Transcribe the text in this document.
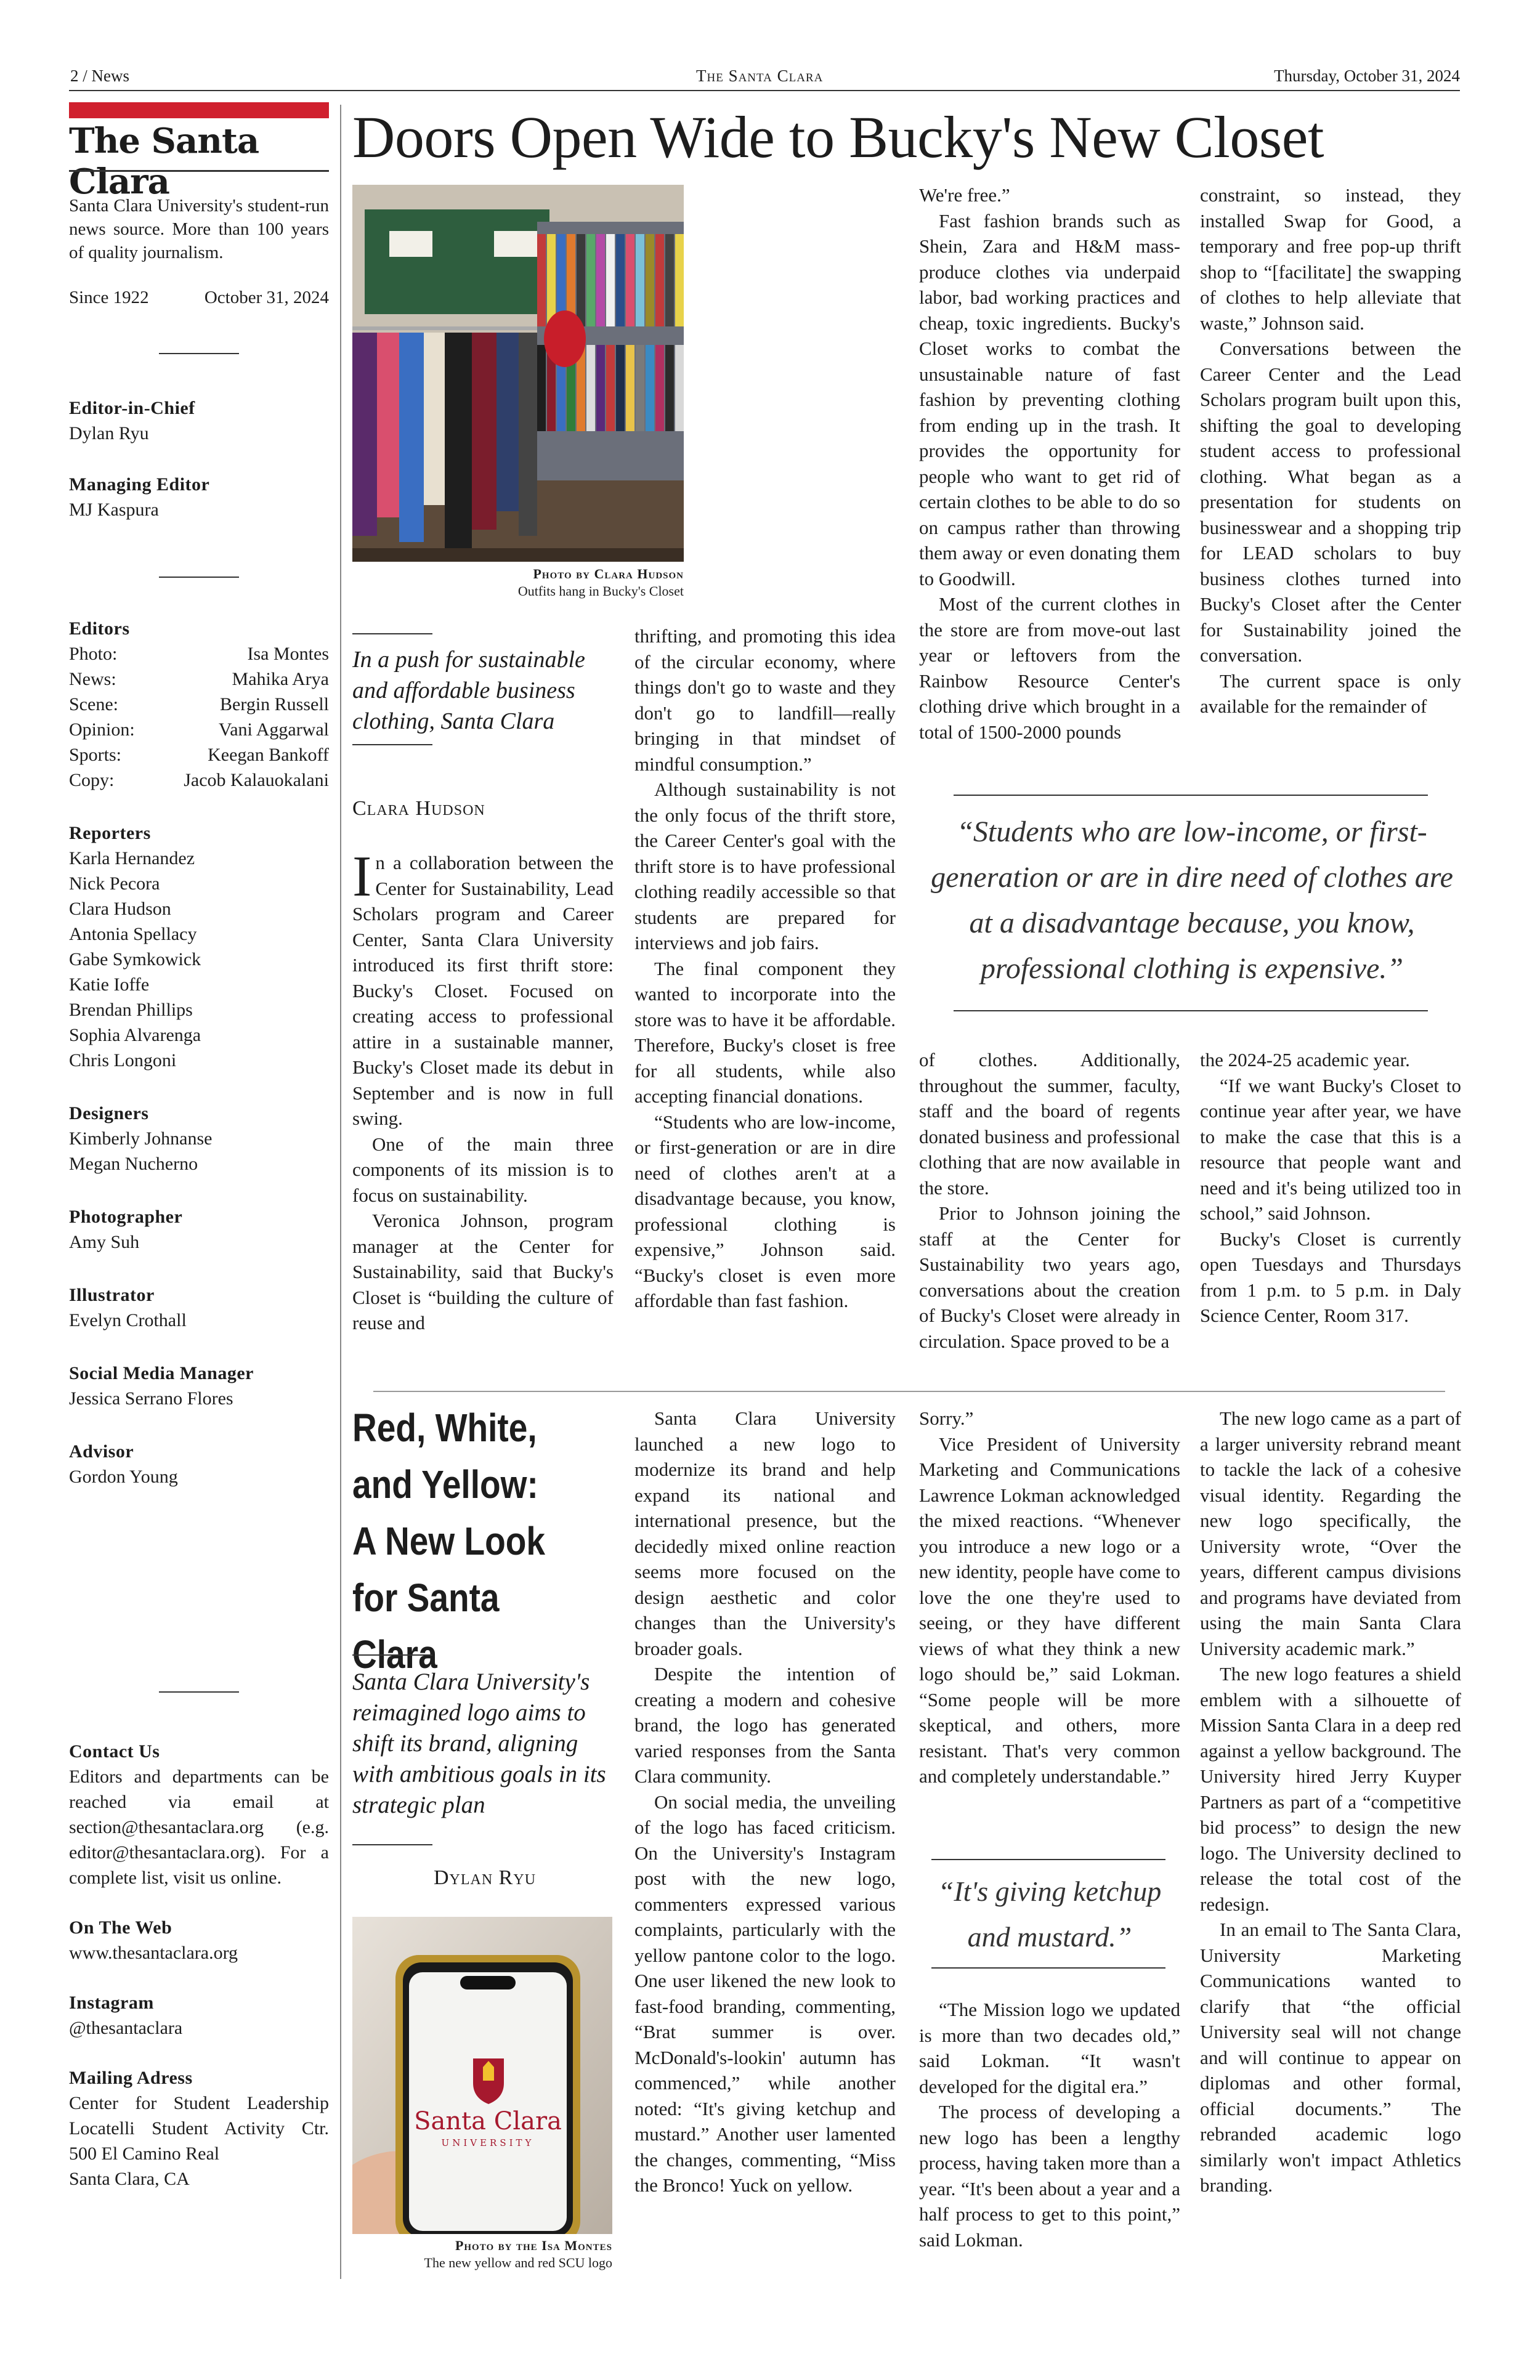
2 / News	The Santa Clara	Thursday, October 31, 2024
The Santa Clara
Santa Clara University's student-run news source. More than 100 years of quality journalism.
Since 1922	October 31, 2024
Editor-in-Chief
Dylan Ryu
Managing Editor
MJ Kaspura
Editors
Photo:	Isa Montes
News:	Mahika Arya
Scene:	Bergin Russell
Opinion:	Vani Aggarwal
Sports:	Keegan Bankoff
Copy:	Jacob Kalauokalani
Reporters
Karla Hernandez
Nick Pecora
Clara Hudson
Antonia Spellacy
Gabe Symkowick
Katie Ioffe
Brendan Phillips
Sophia Alvarenga
Chris Longoni
Designers
Kimberly Johnanse
Megan Nucherno
Photographer
Amy Suh
Illustrator
Evelyn Crothall
Social Media Manager
Jessica Serrano Flores
Advisor
Gordon Young
Contact Us
Editors and departments can be reached via email at section@thesantaclara.org (e.g. editor@thesantaclara.org). For a complete list, visit us online.
On The Web
www.thesantaclara.org
Instagram
@thesantaclara
Mailing Adress
Center for Student Leadership
Locatelli Student Activity Ctr.
500 El Camino Real
Santa Clara, CA
Doors Open Wide to Bucky's New Closet
Photo by Clara Hudson
Outfits hang in Bucky's Closet
In a push for sustainable and affordable business clothing, Santa Clara
Clara Hudson

In a collaboration between the Center for Sustainability, Lead Scholars program and Career Center, Santa Clara University introduced its first thrift store: Bucky's Closet. Focused on creating access to professional attire in a sustainable manner, Bucky's Closet made its debut in September and is now in full swing.

One of the main three components of its mission is to focus on sustainability.

Veronica Johnson, program manager at the Center for Sustainability, said that Bucky's Closet is “building the culture of reuse and

thrifting, and promoting this idea of the circular economy, where things don't go to waste and they don't go to landfill—really bringing in that mindset of mindful consumption.”

Although sustainability is not the only focus of the thrift store, the Career Center's goal with the thrift store is to have professional clothing readily accessible so that students are prepared for interviews and job fairs.

The final component they wanted to incorporate into the store was to have it be affordable. Therefore, Bucky's closet is free for all students, while also accepting financial donations.

“Students who are low-income, or first-generation or are in dire need of clothes aren't at a disadvantage because, you know, professional clothing is expensive,” Johnson said. “Bucky's closet is even more affordable than fast fashion.

We're free.”

Fast fashion brands such as Shein, Zara and H&M mass-produce clothes via underpaid labor, bad working practices and cheap, toxic ingredients. Bucky's Closet works to combat the unsustainable nature of fast fashion by preventing clothing from ending up in the trash. It provides the opportunity for people who want to get rid of certain clothes to be able to do so on campus rather than throwing them away or even donating them to Goodwill.

Most of the current clothes in the store are from move-out last year or leftovers from the Rainbow Resource Center's clothing drive which brought in a total of 1500-2000 pounds

constraint, so instead, they installed Swap for Good, a temporary and free pop-up thrift shop to “[facilitate] the swapping of clothes to help alleviate that waste,” Johnson said.

Conversations between the Career Center and the Lead Scholars program built upon this, shifting the goal to developing student access to professional clothing. What began as a presentation for students on businesswear and a shopping trip for LEAD scholars to buy business clothes turned into Bucky's Closet after the Center for Sustainability joined the conversation.

The current space is only available for the remainder of

“Students who are low-income, or first-generation or are in dire need of clothes are at a disadvantage because, you know, professional clothing is expensive.”

of clothes. Additionally, throughout the summer, faculty, staff and the board of regents donated business and professional clothing that are now available in the store.

Prior to Johnson joining the staff at the Center for Sustainability two years ago, conversations about the creation of Bucky's Closet were already in circulation. Space proved to be a

the 2024-25 academic year.

“If we want Bucky's Closet to continue year after year, we have to make the case that this is a resource that people want and need and it's being utilized too in school,” said Johnson.

Bucky's Closet is currently open Tuesdays and Thursdays from 1 p.m. to 5 p.m. in Daly Science Center, Room 317.

Red, White, and Yellow: A New Look for Santa Clara
Santa Clara University's reimagined logo aims to shift its brand, aligning with ambitious goals in its strategic plan
Dylan Ryu
Santa Clara
UNIVERSITY
Photo by the Isa Montes
The new yellow and red SCU logo

Santa Clara University launched a new logo to modernize its brand and help expand its national and international presence, but the decidedly mixed online reaction seems more focused on the design aesthetic and color changes than the University's broader goals.

Despite the intention of creating a modern and cohesive brand, the logo has generated varied responses from the Santa Clara community.

On social media, the unveiling of the logo has faced criticism. On the University's Instagram post with the new logo, commenters expressed various complaints, particularly with the yellow pantone color to the logo. One user likened the new look to fast-food branding, commenting, “Brat summer is over. McDonald's-lookin' autumn has commenced,” while another noted: “It's giving ketchup and mustard.” Another user lamented the changes, commenting, “Miss the Bronco! Yuck on yellow.

Sorry.”

Vice President of University Marketing and Communications Lawrence Lokman acknowledged the mixed reactions. “Whenever you introduce a new logo or a new identity, people have come to love the one they're used to seeing, or they have different views of what they think a new logo should be,” said Lokman. “Some people will be more skeptical, and others, more resistant. That's very common and completely understandable.”

“It's giving ketchup and mustard.”

“The Mission logo we updated is more than two decades old,” said Lokman. “It wasn't developed for the digital era.”

The process of developing a new logo has been a lengthy process, having taken more than a year. “It's been about a year and a half process to get to this point,” said Lokman.

The new logo came as a part of a larger university rebrand meant to tackle the lack of a cohesive visual identity. Regarding the new logo specifically, the University wrote, “Over the years, different campus divisions and programs have deviated from using the main Santa Clara University academic mark.”

The new logo features a shield emblem with a silhouette of Mission Santa Clara in a deep red against a yellow background. The University hired Jerry Kuyper Partners as part of a “competitive bid process” to design the new logo. The University declined to release the total cost of the redesign.

In an email to The Santa Clara, University Marketing Communications wanted to clarify that “the official University seal will not change and will continue to appear on diplomas and other formal, official documents.” The rebranded academic logo similarly won't impact Athletics branding.
